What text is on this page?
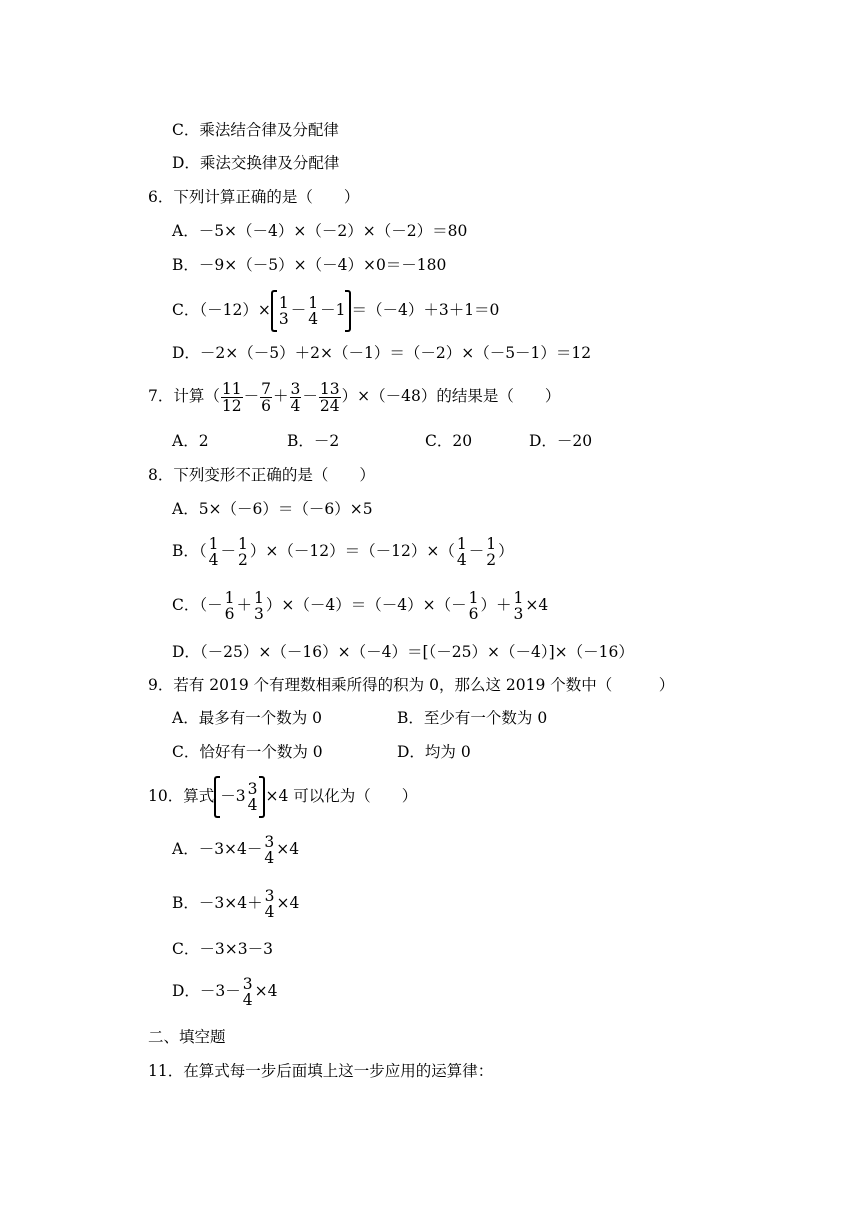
C．乘法结合律及分配律
D．乘法交换律及分配律
6．下列计算正确的是（　　）
A．－5×（－4）×（－2）×（－2）＝80
B．－9×（－5）×（－4）×0＝－180
C．（－12）× 1
3 － 1
4 －1 ＝（－4）＋3＋1＝0
D．－2×（－5）＋2×（－1）＝（－2）×（－5－1）＝12
7．计算（ $\frac{11}{12} - \frac{7}{6} + \frac{3}{4} - \frac{13}{24} )\times(-48)$的结果是（　　）
A．2	B．－2	C．20	D．－20
8．下列变形不正确的是（　　）
A．5×（－6）＝（－6）×5
B．（ 1
4 － 1
2 ）×（－12）＝（－12）×（ 1
4 － 1
2 ）
C．（－ 1
6 ＋ 1
3 ）×（－4）＝（－4）×（－ 1
6 ）＋ 1
3 ×4
D．（－25）×（－16）×（－4）＝[（－25）×（－4）]×（－16）
9．若有 2019 个有理数相乘所得的积为 0，那么这 2019 个数中（　　　）
A．最多有一个数为 0	B．至少有一个数为 0
C．恰好有一个数为 0	D．均为 0
10．算式 －3 3
4 ×4 可以化为（　　）
A．－3×4－ 3
4 ×4
B．－3×4＋ 3
4 ×4
C．－3×3－3
D．－3－ 3
4 ×4
二、填空题
11．在算式每一步后面填上这一步应用的运算律：
